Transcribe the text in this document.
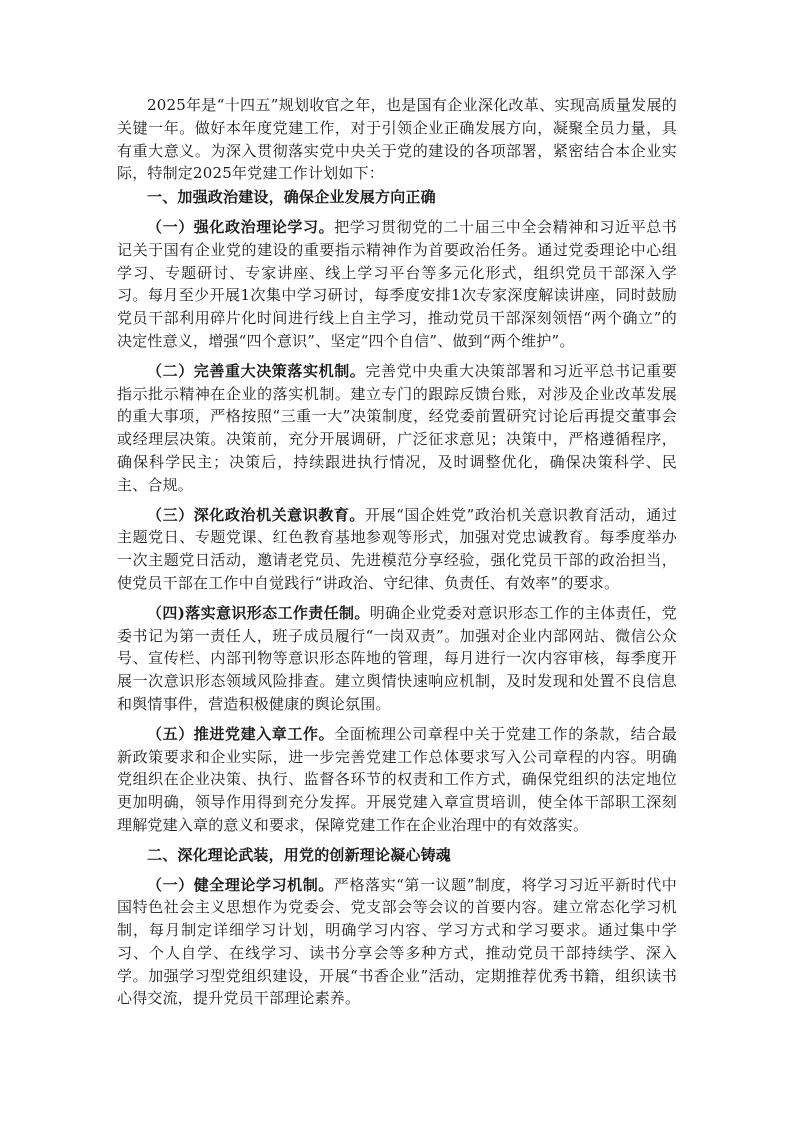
2025年是“十四五”规划收官之年，也是国有企业深化改革、实现高质量发展的关键一年。做好本年度党建工作，对于引领企业正确发展方向，凝聚全员力量，具有重大意义。为深入贯彻落实党中央关于党的建设的各项部署，紧密结合本企业实际，特制定2025年党建工作计划如下：

一、加强政治建设，确保企业发展方向正确

（一）强化政治理论学习。把学习贯彻党的二十届三中全会精神和习近平总书记关于国有企业党的建设的重要指示精神作为首要政治任务。通过党委理论中心组学习、专题研讨、专家讲座、线上学习平台等多元化形式，组织党员干部深入学习。每月至少开展1次集中学习研讨，每季度安排1次专家深度解读讲座，同时鼓励党员干部利用碎片化时间进行线上自主学习，推动党员干部深刻领悟“两个确立”的决定性意义，增强“四个意识”、坚定“四个自信”、做到“两个维护”。

（二）完善重大决策落实机制。完善党中央重大决策部署和习近平总书记重要指示批示精神在企业的落实机制。建立专门的跟踪反馈台账，对涉及企业改革发展的重大事项，严格按照“三重一大”决策制度，经党委前置研究讨论后再提交董事会或经理层决策。决策前，充分开展调研，广泛征求意见；决策中，严格遵循程序，确保科学民主；决策后，持续跟进执行情况，及时调整优化，确保决策科学、民主、合规。

（三）深化政治机关意识教育。开展“国企姓党”政治机关意识教育活动，通过主题党日、专题党课、红色教育基地参观等形式，加强对党忠诚教育。每季度举办一次主题党日活动，邀请老党员、先进模范分享经验，强化党员干部的政治担当，使党员干部在工作中自觉践行“讲政治、守纪律、负责任、有效率”的要求。

（四)落实意识形态工作责任制。明确企业党委对意识形态工作的主体责任，党委书记为第一责任人，班子成员履行“一岗双责”。加强对企业内部网站、微信公众号、宣传栏、内部刊物等意识形态阵地的管理，每月进行一次内容审核，每季度开展一次意识形态领域风险排查。建立舆情快速响应机制，及时发现和处置不良信息和舆情事件，营造积极健康的舆论氛围。

（五）推进党建入章工作。全面梳理公司章程中关于党建工作的条款，结合最新政策要求和企业实际，进一步完善党建工作总体要求写入公司章程的内容。明确党组织在企业决策、执行、监督各环节的权责和工作方式，确保党组织的法定地位更加明确，领导作用得到充分发挥。开展党建入章宣贯培训，使全体干部职工深刻理解党建入章的意义和要求，保障党建工作在企业治理中的有效落实。

二、深化理论武装，用党的创新理论凝心铸魂

（一）健全理论学习机制。严格落实“第一议题”制度，将学习习近平新时代中国特色社会主义思想作为党委会、党支部会等会议的首要内容。建立常态化学习机制，每月制定详细学习计划，明确学习内容、学习方式和学习要求。通过集中学习、个人自学、在线学习、读书分享会等多种方式，推动党员干部持续学、深入学。加强学习型党组织建设，开展“书香企业”活动，定期推荐优秀书籍，组织读书心得交流，提升党员干部理论素养。
